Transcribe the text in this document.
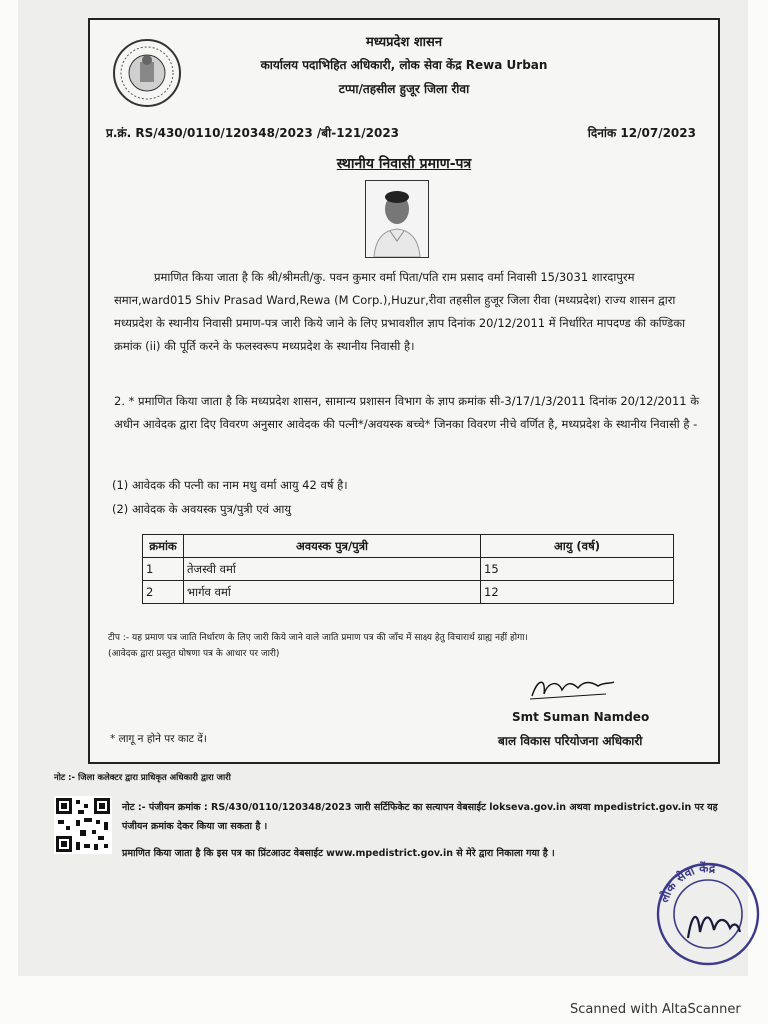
मध्यप्रदेश शासन
कार्यालय पदाभिहित अधिकारी, लोक सेवा केंद्र Rewa Urban
टप्पा/तहसील हुजूर जिला रीवा
प्र.क्रं. RS/430/0110/120348/2023 /बी-121/2023	दिनांक 12/07/2023
स्थानीय निवासी प्रमाण-पत्र
प्रमाणित किया जाता है कि श्री/श्रीमती/कु. पवन कुमार वर्मा पिता/पति राम प्रसाद वर्मा निवासी 15/3031 शारदापुरम समान,ward015 Shiv Prasad Ward,Rewa (M Corp.),Huzur,रीवा तहसील हुजूर जिला रीवा (मध्यप्रदेश) राज्य शासन द्वारा मध्यप्रदेश के स्थानीय निवासी प्रमाण-पत्र जारी किये जाने के लिए प्रभावशील ज्ञाप दिनांक 20/12/2011 में निर्धारित मापदण्ड की कण्डिका क्रमांक (ii) की पूर्ति करने के फलस्वरूप मध्यप्रदेश के स्थानीय निवासी है।
2. * प्रमाणित किया जाता है कि मध्यप्रदेश शासन, सामान्य प्रशासन विभाग के ज्ञाप क्रमांक सी-3/17/1/3/2011 दिनांक 20/12/2011 के अधीन आवेदक द्वारा दिए विवरण अनुसार आवेदक की पत्नी*/अवयस्क बच्चे* जिनका विवरण नीचे वर्णित है, मध्यप्रदेश के स्थानीय निवासी है -
(1) आवेदक की पत्नी का नाम मधु वर्मा आयु 42 वर्ष है।
(2) आवेदक के अवयस्क पुत्र/पुत्री एवं आयु
क्रमांक	अवयस्क पुत्र/पुत्री	आयु (वर्ष)
1	तेजस्वी वर्मा	15
2	भार्गव वर्मा	12
टीप :- यह प्रमाण पत्र जाति निर्धारण के लिए जारी किये जाने वाले जाति प्रमाण पत्र की जाँच में साक्ष्य हेतु विचारार्थ ग्राह्य नहीं होगा।
(आवेदक द्वारा प्रस्तुत घोषणा पत्र के आधार पर जारी)
Smt Suman Namdeo
बाल विकास परियोजना अधिकारी
* लागू न होने पर काट दें।
नोट :- जिला कलेक्टर द्वारा प्राधिकृत अधिकारी द्वारा जारी
नोट :- पंजीयन क्रमांक : RS/430/0110/120348/2023 जारी सर्टिफिकेट का सत्यापन वेबसाईट lokseva.gov.in अथवा mpedistrict.gov.in पर यह पंजीयन क्रमांक देकर किया जा सकता है ।
प्रमाणित किया जाता है कि इस पत्र का प्रिंटआउट वेबसाईट www.mpedistrict.gov.in से मेरे द्वारा निकाला गया है ।
लोक सेवा केंद्र
Scanned with AltaScanner
